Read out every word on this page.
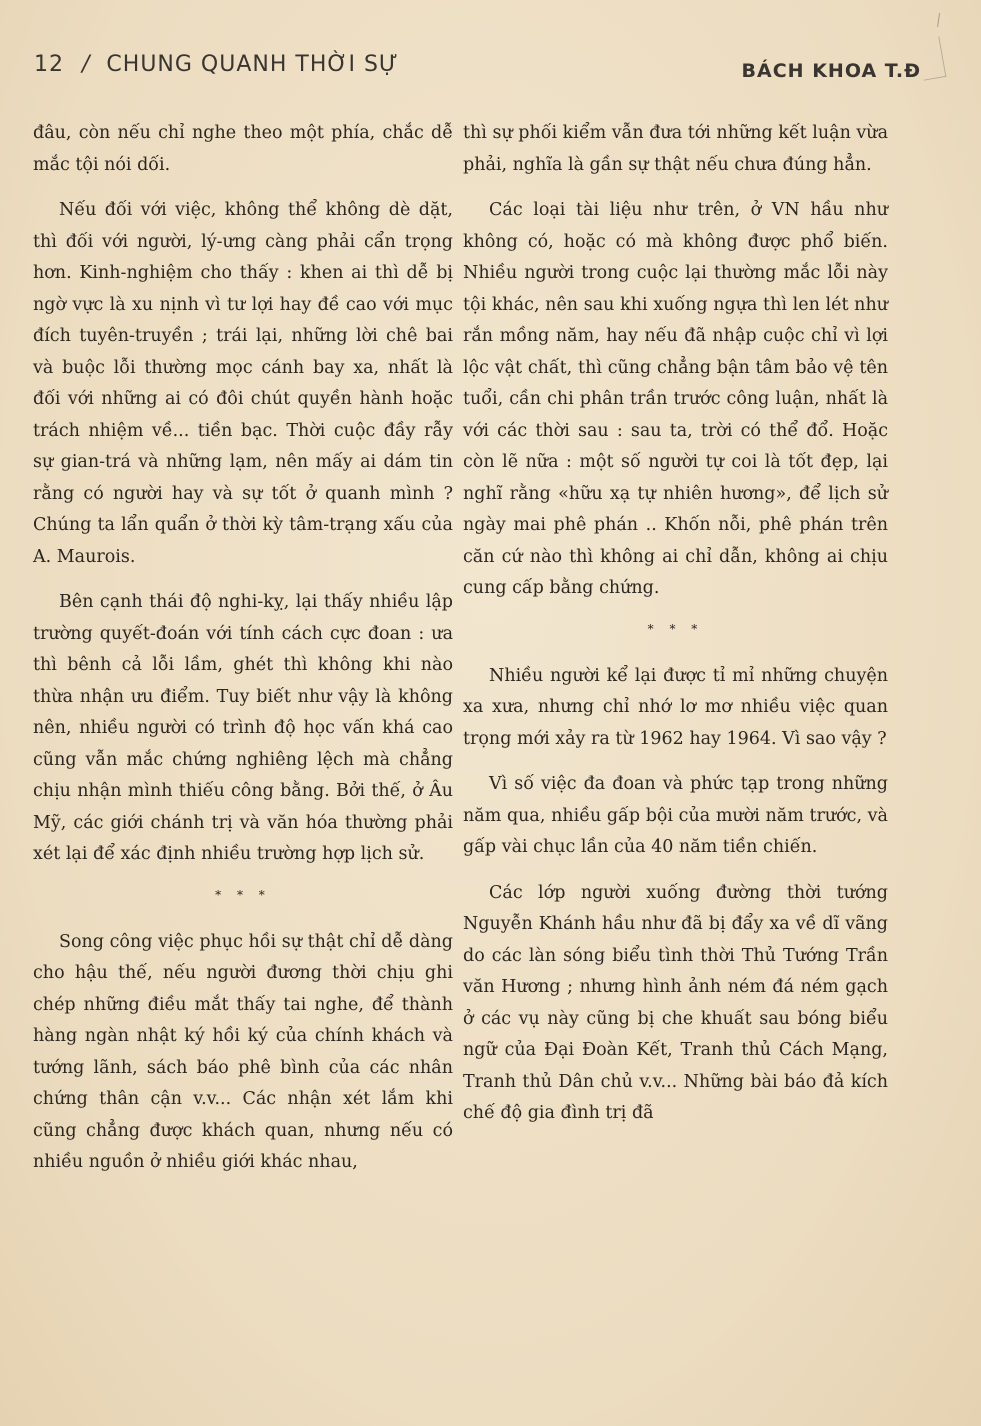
12 / CHUNG QUANH THỜI SỰ	BÁCH KHOA T.Đ

đâu, còn nếu chỉ nghe theo một phía, chắc dễ mắc tội nói dối.

Nếu đối với việc, không thể không dè dặt, thì đối với người, lý-ưng càng phải cẩn trọng hơn. Kinh-nghiệm cho thấy : khen ai thì dễ bị ngờ vực là xu nịnh vì tư lợi hay đề cao với mục đích tuyên-truyền ; trái lại, những lời chê bai và buộc lỗi thường mọc cánh bay xa, nhất là đối với những ai có đôi chút quyền hành hoặc trách nhiệm về... tiền bạc. Thời cuộc đầy rẫy sự gian-trá và những lạm, nên mấy ai dám tin rằng có người hay và sự tốt ở quanh mình ? Chúng ta lẩn quẩn ở thời kỳ tâm-trạng xấu của A. Maurois.

Bên cạnh thái độ nghi-kỵ, lại thấy nhiều lập trường quyết-đoán với tính cách cực đoan : ưa thì bênh cả lỗi lầm, ghét thì không khi nào thừa nhận ưu điểm. Tuy biết như vậy là không nên, nhiều người có trình độ học vấn khá cao cũng vẫn mắc chứng nghiêng lệch mà chẳng chịu nhận mình thiếu công bằng. Bởi thế, ở Âu Mỹ, các giới chánh trị và văn hóa thường phải xét lại để xác định nhiều trường hợp lịch sử.

* * *

Song công việc phục hồi sự thật chỉ dễ dàng cho hậu thế, nếu người đương thời chịu ghi chép những điều mắt thấy tai nghe, để thành hàng ngàn nhật ký hồi ký của chính khách và tướng lãnh, sách báo phê bình của các nhân chứng thân cận v.v... Các nhận xét lắm khi cũng chẳng được khách quan, nhưng nếu có nhiều nguồn ở nhiều giới khác nhau,

thì sự phối kiểm vẫn đưa tới những kết luận vừa phải, nghĩa là gần sự thật nếu chưa đúng hẳn.

Các loại tài liệu như trên, ở VN hầu như không có, hoặc có mà không được phổ biến. Nhiều người trong cuộc lại thường mắc lỗi này tội khác, nên sau khi xuống ngựa thì len lét như rắn mồng năm, hay nếu đã nhập cuộc chỉ vì lợi lộc vật chất, thì cũng chẳng bận tâm bảo vệ tên tuổi, cần chi phân trần trước công luận, nhất là với các thời sau : sau ta, trời có thể đổ. Hoặc còn lẽ nữa : một số người tự coi là tốt đẹp, lại nghĩ rằng «hữu xạ tự nhiên hương», để lịch sử ngày mai phê phán .. Khốn nỗi, phê phán trên căn cứ nào thì không ai chỉ dẫn, không ai chịu cung cấp bằng chứng.

* * *

Nhiều người kể lại được tỉ mỉ những chuyện xa xưa, nhưng chỉ nhớ lơ mơ nhiều việc quan trọng mới xảy ra từ 1962 hay 1964. Vì sao vậy ?

Vì số việc đa đoan và phức tạp trong những năm qua, nhiều gấp bội của mười năm trước, và gấp vài chục lần của 40 năm tiền chiến.

Các lớp người xuống đường thời tướng Nguyễn Khánh hầu như đã bị đẩy xa về dĩ vãng do các làn sóng biểu tình thời Thủ Tướng Trần văn Hương ; nhưng hình ảnh ném đá ném gạch ở các vụ này cũng bị che khuất sau bóng biểu ngữ của Đại Đoàn Kết, Tranh thủ Cách Mạng, Tranh thủ Dân chủ v.v... Những bài báo đả kích chế độ gia đình trị đã
